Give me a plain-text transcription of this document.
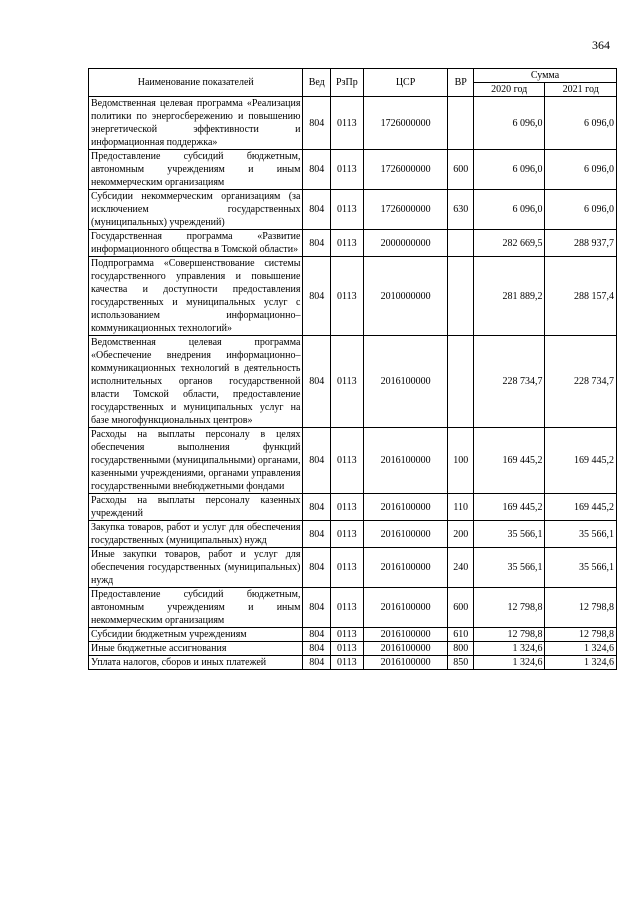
364
Наименование показателей	Вед	РзПр	ЦСР	ВР	Сумма	
					2020 год	2021 год
Ведомственная целевая программа «Реализация политики по энергосбережению и повышению энергетической эффективности и информационная поддержка»	804	0113	1726000000		6 096,0	6 096,0
Предоставление субсидий бюджетным, автономным учреждениям и иным некоммерческим организациям	804	0113	1726000000	600	6 096,0	6 096,0
Субсидии некоммерческим организациям (за исключением государственных (муниципальных) учреждений)	804	0113	1726000000	630	6 096,0	6 096,0
Государственная программа «Развитие информационного общества в Томской области»	804	0113	2000000000		282 669,5	288 937,7
Подпрограмма «Совершенствование системы государственного управления и повышение качества и доступности предоставления государственных и муниципальных услуг с использованием информационно–коммуникационных технологий»	804	0113	2010000000		281 889,2	288 157,4
Ведомственная целевая программа «Обеспечение внедрения информационно–коммуникационных технологий в деятельность исполнительных органов государственной власти Томской области, предоставление государственных и муниципальных услуг на базе многофункциональных центров»	804	0113	2016100000		228 734,7	228 734,7
Расходы на выплаты персоналу в целях обеспечения выполнения функций государственными (муниципальными) органами, казенными учреждениями, органами управления государственными внебюджетными фондами	804	0113	2016100000	100	169 445,2	169 445,2
Расходы на выплаты персоналу казенных учреждений	804	0113	2016100000	110	169 445,2	169 445,2
Закупка товаров, работ и услуг для обеспечения государственных (муниципальных) нужд	804	0113	2016100000	200	35 566,1	35 566,1
Иные закупки товаров, работ и услуг для обеспечения государственных (муниципальных) нужд	804	0113	2016100000	240	35 566,1	35 566,1
Предоставление субсидий бюджетным, автономным учреждениям и иным некоммерческим организациям	804	0113	2016100000	600	12 798,8	12 798,8
Субсидии бюджетным учреждениям	804	0113	2016100000	610	12 798,8	12 798,8
Иные бюджетные ассигнования	804	0113	2016100000	800	1 324,6	1 324,6
Уплата налогов, сборов и иных платежей	804	0113	2016100000	850	1 324,6	1 324,6
